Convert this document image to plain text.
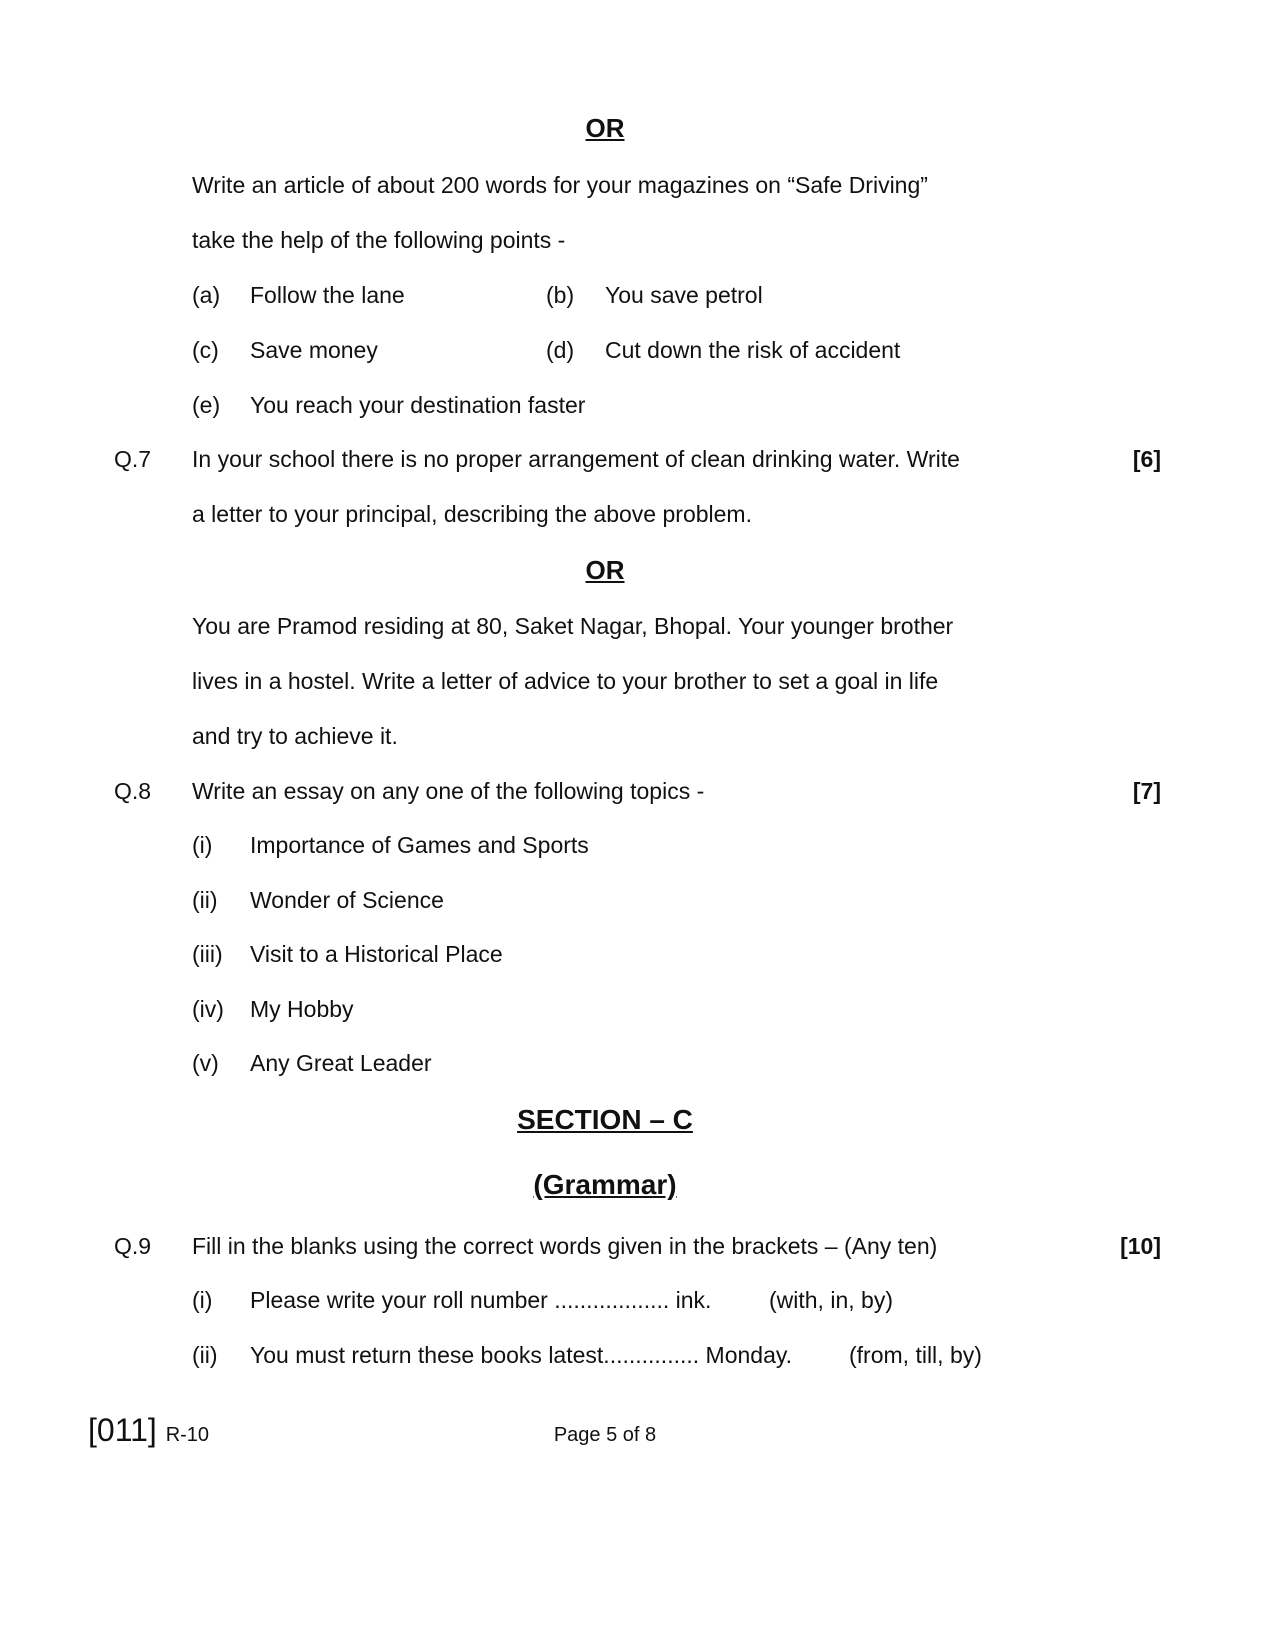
OR
Write an article of about 200 words for your magazines on “Safe Driving”
take the help of the following points -
(a) Follow the lane	(b) You save petrol
(c) Save money	(d) Cut down the risk of accident
(e) You reach your destination faster
Q.7 In your school there is no proper arrangement of clean drinking water. Write	[6]
a letter to your principal, describing the above problem.
OR
You are Pramod residing at 80, Saket Nagar, Bhopal. Your younger brother
lives in a hostel. Write a letter of advice to your brother to set a goal in life
and try to achieve it.
Q.8 Write an essay on any one of the following topics -	[7]
(i) Importance of Games and Sports
(ii) Wonder of Science
(iii) Visit to a Historical Place
(iv) My Hobby
(v) Any Great Leader
SECTION – C
(Grammar)
Q.9 Fill in the blanks using the correct words given in the brackets – (Any ten)	[10]
(i) Please write your roll number .................. ink.	(with, in, by)
(ii) You must return these books latest............... Monday. (from, till, by)
[011] R-10	Page 5 of 8
